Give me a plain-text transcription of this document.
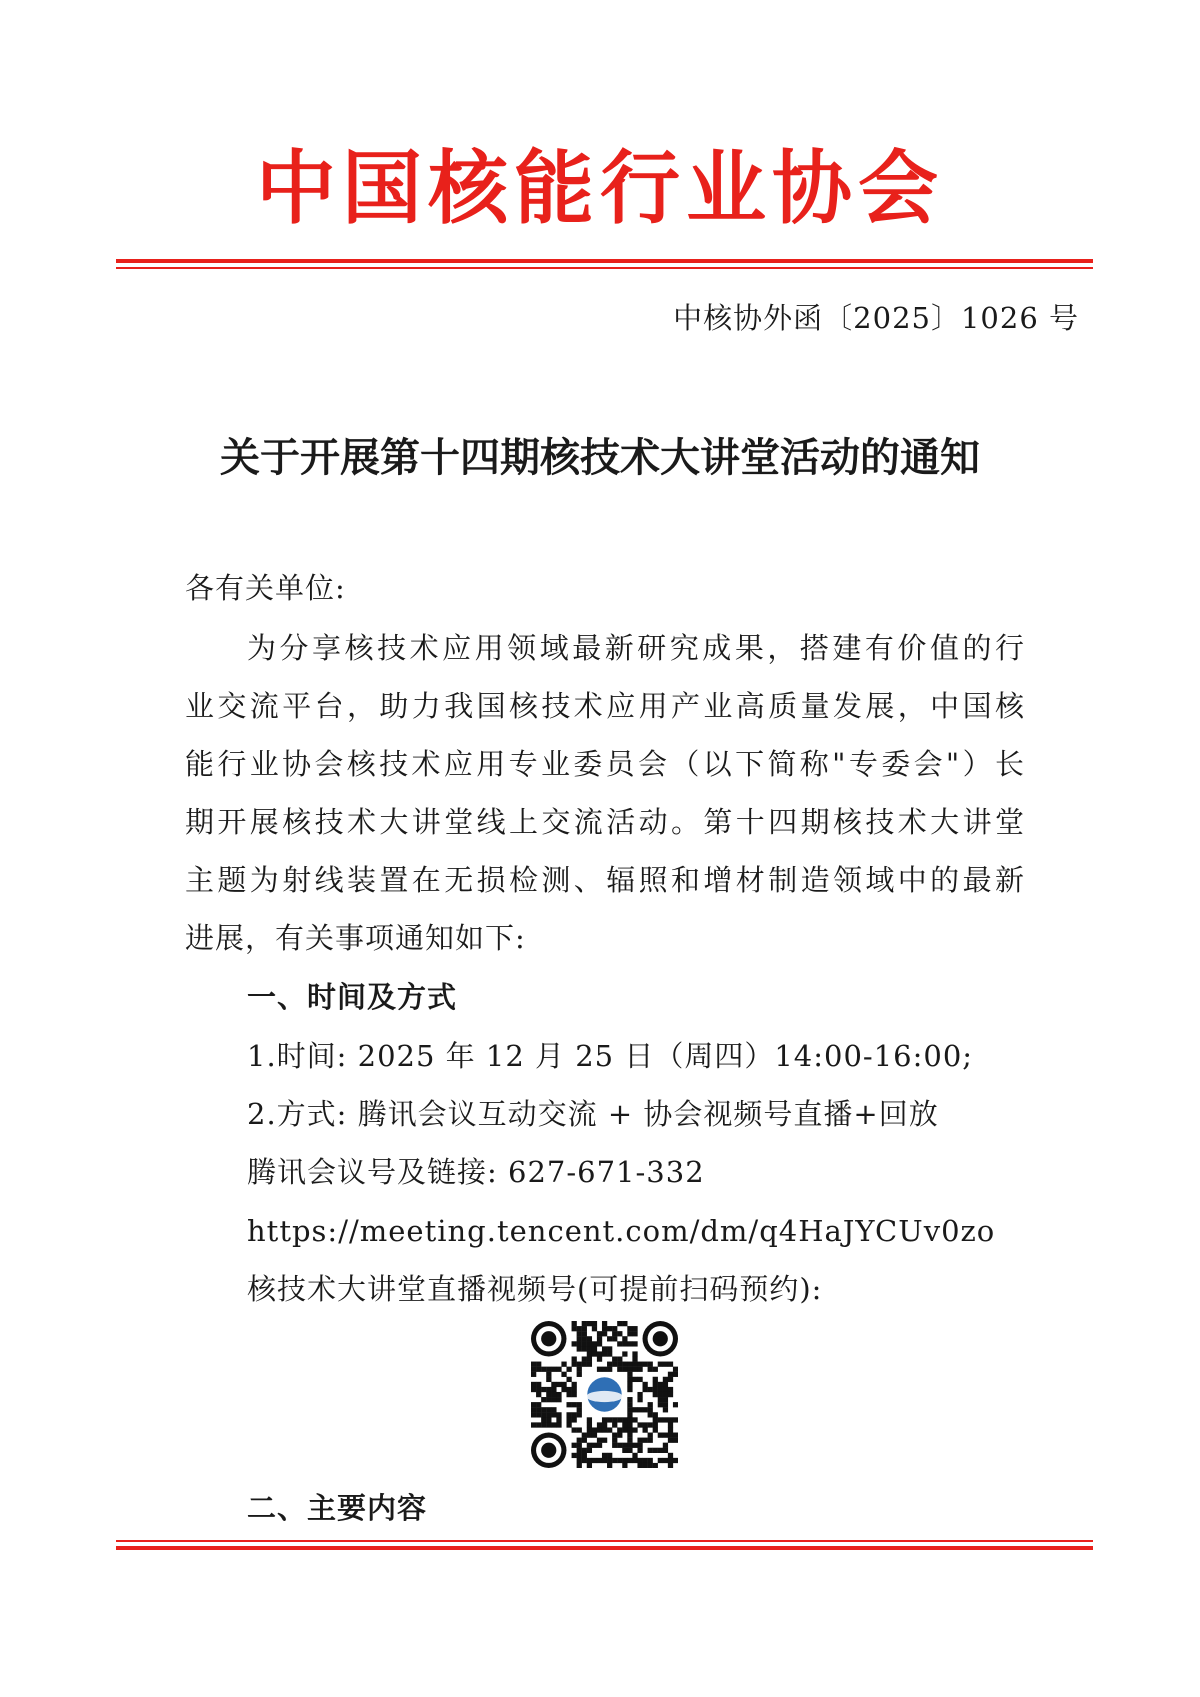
中国核能行业协会
中核协外函〔2025〕1026 号
关于开展第十四期核技术大讲堂活动的通知
各有关单位:
为分享核技术应用领域最新研究成果，搭建有价值的行
业交流平台，助力我国核技术应用产业高质量发展，中国核
能行业协会核技术应用专业委员会（以下简称"专委会"）长
期开展核技术大讲堂线上交流活动。第十四期核技术大讲堂
主题为射线装置在无损检测、辐照和增材制造领域中的最新
进展，有关事项通知如下:
一、时间及方式
1.时间: 2025 年 12 月 25 日（周四）14:00-16:00;
2.方式: 腾讯会议互动交流 + 协会视频号直播+回放
腾讯会议号及链接: 627-671-332
https://meeting.tencent.com/dm/q4HaJYCUv0zo
核技术大讲堂直播视频号(可提前扫码预约):
二、主要内容
